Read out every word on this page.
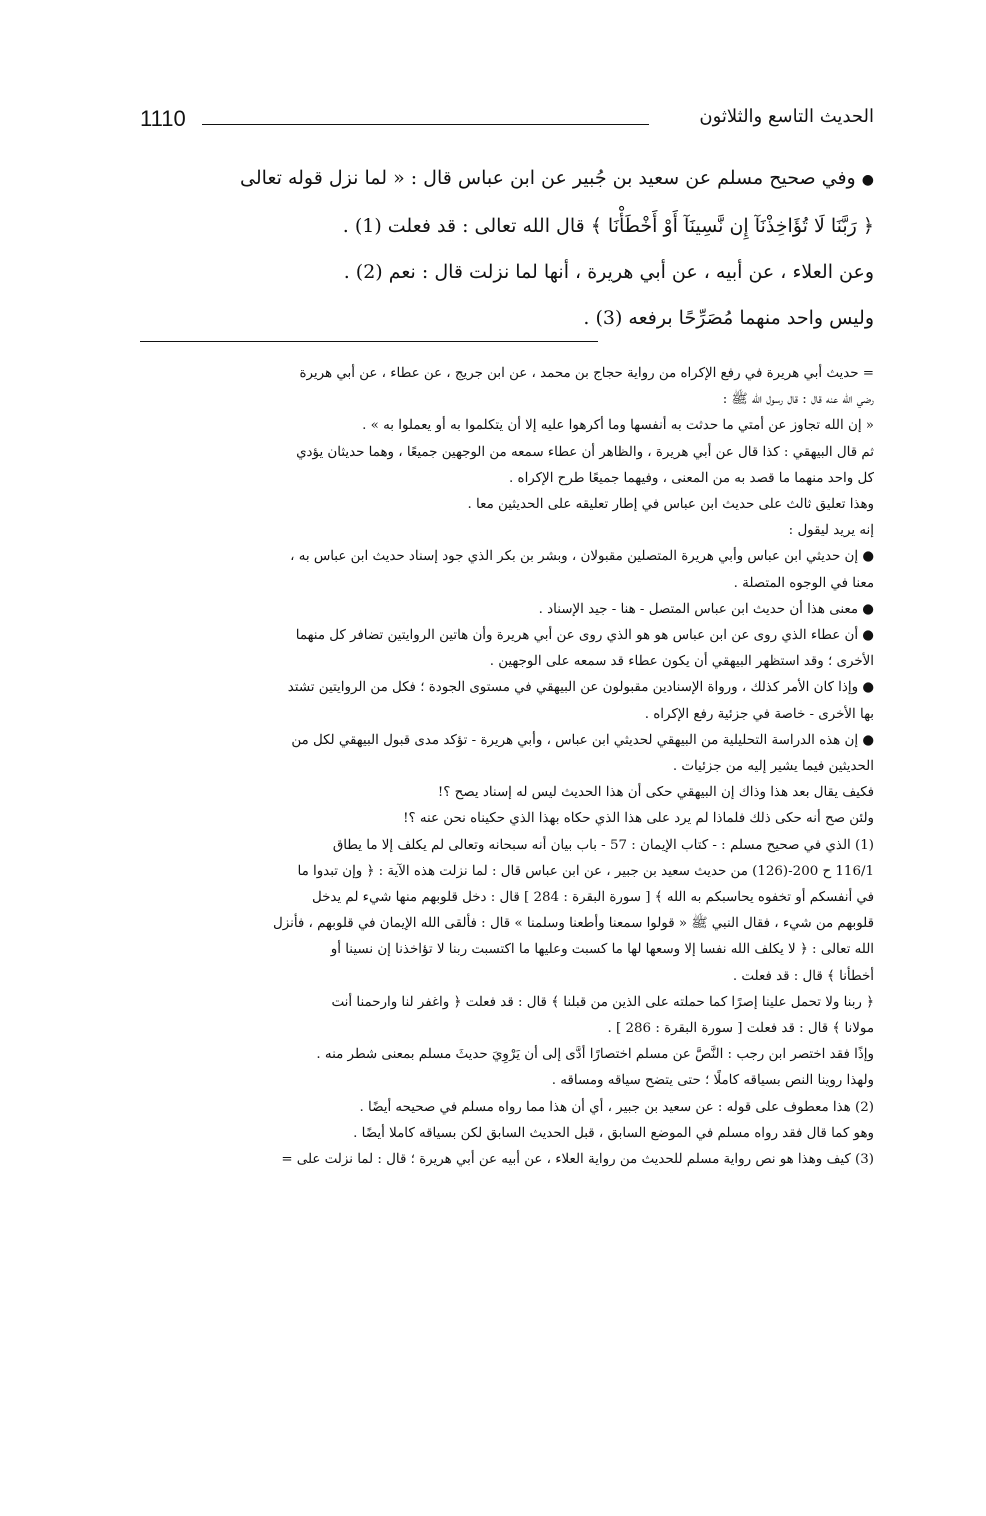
1110	الحديث التاسع والثلاثون

● وفي صحيح مسلم عن سعيد بن جُبير عن ابن عباس قال : « لما نزل قوله تعالى

﴿ رَبَّنَا لَا تُؤَاخِذْنَآ إِن نَّسِينَآ أَوْ أَخْطَأْنَا ﴾ قال الله تعالى : قد فعلت (1) .

وعن العلاء ، عن أبيه ، عن أبي هريرة ، أنها لما نزلت قال : نعم (2) .

وليس واحد منهما مُصَرِّحًا برفعه (3) .

= حديث أبي هريرة في رفع الإكراه من رواية حجاج بن محمد ، عن ابن جريج ، عن عطاء ، عن أبي هريرة

رضي الله عنه قال : قال رسول الله ﷺ :

« إن الله تجاوز عن أمتي ما حدثت به أنفسها وما أكرهوا عليه إلا أن يتكلموا به أو يعملوا به » .

ثم قال البيهقي : كذا قال عن أبي هريرة ، والظاهر أن عطاء سمعه من الوجهين جميعًا ، وهما حديثان يؤدي

كل واحد منهما ما قصد به من المعنى ، وفيهما جميعًا طرح الإكراه .

وهذا تعليق ثالث على حديث ابن عباس في إطار تعليقه على الحديثين معا .

إنه يريد ليقول :

● إن حديثي ابن عباس وأبي هريرة المتصلين مقبولان ، وبشر بن بكر الذي جود إسناد حديث ابن عباس به ،

معنا في الوجوه المتصلة .

● معنى هذا أن حديث ابن عباس المتصل - هنا - جيد الإسناد .

● أن عطاء الذي روى عن ابن عباس هو هو الذي روى عن أبي هريرة وأن هاتين الروايتين تضافر كل منهما

الأخرى ؛ وقد استظهر البيهقي أن يكون عطاء قد سمعه على الوجهين .

● وإذا كان الأمر كذلك ، ورواة الإسنادين مقبولون عن البيهقي في مستوى الجودة ؛ فكل من الروايتين تشتد

بها الأخرى - خاصة في جزئية رفع الإكراه .

● إن هذه الدراسة التحليلية من البيهقي لحديثي ابن عباس ، وأبي هريرة - تؤكد مدى قبول البيهقي لكل من

الحديثين فيما يشير إليه من جزئيات .

فكيف يقال بعد هذا وذاك إن البيهقي حكى أن هذا الحديث ليس له إسناد يصح ؟!

ولئن صح أنه حكى ذلك فلماذا لم يرد على هذا الذي حكاه بهذا الذي حكيناه نحن عنه ؟!

(1) الذي في صحيح مسلم : - كتاب الإيمان : 57 - باب بيان أنه سبحانه وتعالى لم يكلف إلا ما يطاق

116/1 ح 200-(126) من حديث سعيد بن جبير ، عن ابن عباس قال : لما نزلت هذه الآية : ﴿ وإن تبدوا ما

في أنفسكم أو تخفوه يحاسبكم به الله ﴾ [ سورة البقرة : 284 ] قال : دخل قلوبهم منها شيء لم يدخل

قلوبهم من شيء ، فقال النبي ﷺ « قولوا سمعنا وأطعنا وسلمنا » قال : فألقى الله الإيمان في قلوبهم ، فأنزل

الله تعالى : ﴿ لا يكلف الله نفسا إلا وسعها لها ما كسبت وعليها ما اكتسبت ربنا لا تؤاخذنا إن نسينا أو

أخطأنا ﴾ قال : قد فعلت .

﴿ ربنا ولا تحمل علينا إصرًا كما حملته على الذين من قبلنا ﴾ قال : قد فعلت ﴿ واغفر لنا وارحمنا أنت

مولانا ﴾ قال : قد فعلت [ سورة البقرة : 286 ] .

وإذًا فقد اختصر ابن رجب : النَّصَّ عن مسلم اختصارًا أدَّى إلى أن يَرْوِيَ حديثَ مسلم بمعنى شطر منه .

ولهذا روينا النص بسياقه كاملًا ؛ حتى يتضح سياقه ومساقه .

(2) هذا معطوف على قوله : عن سعيد بن جبير ، أي أن هذا مما رواه مسلم في صحيحه أيضًا .

وهو كما قال فقد رواه مسلم في الموضع السابق ، قبل الحديث السابق لكن بسياقه كاملا أيضًا .

(3) كيف وهذا هو نص رواية مسلم للحديث من رواية العلاء ، عن أبيه عن أبي هريرة ؛ قال : لما نزلت على =
